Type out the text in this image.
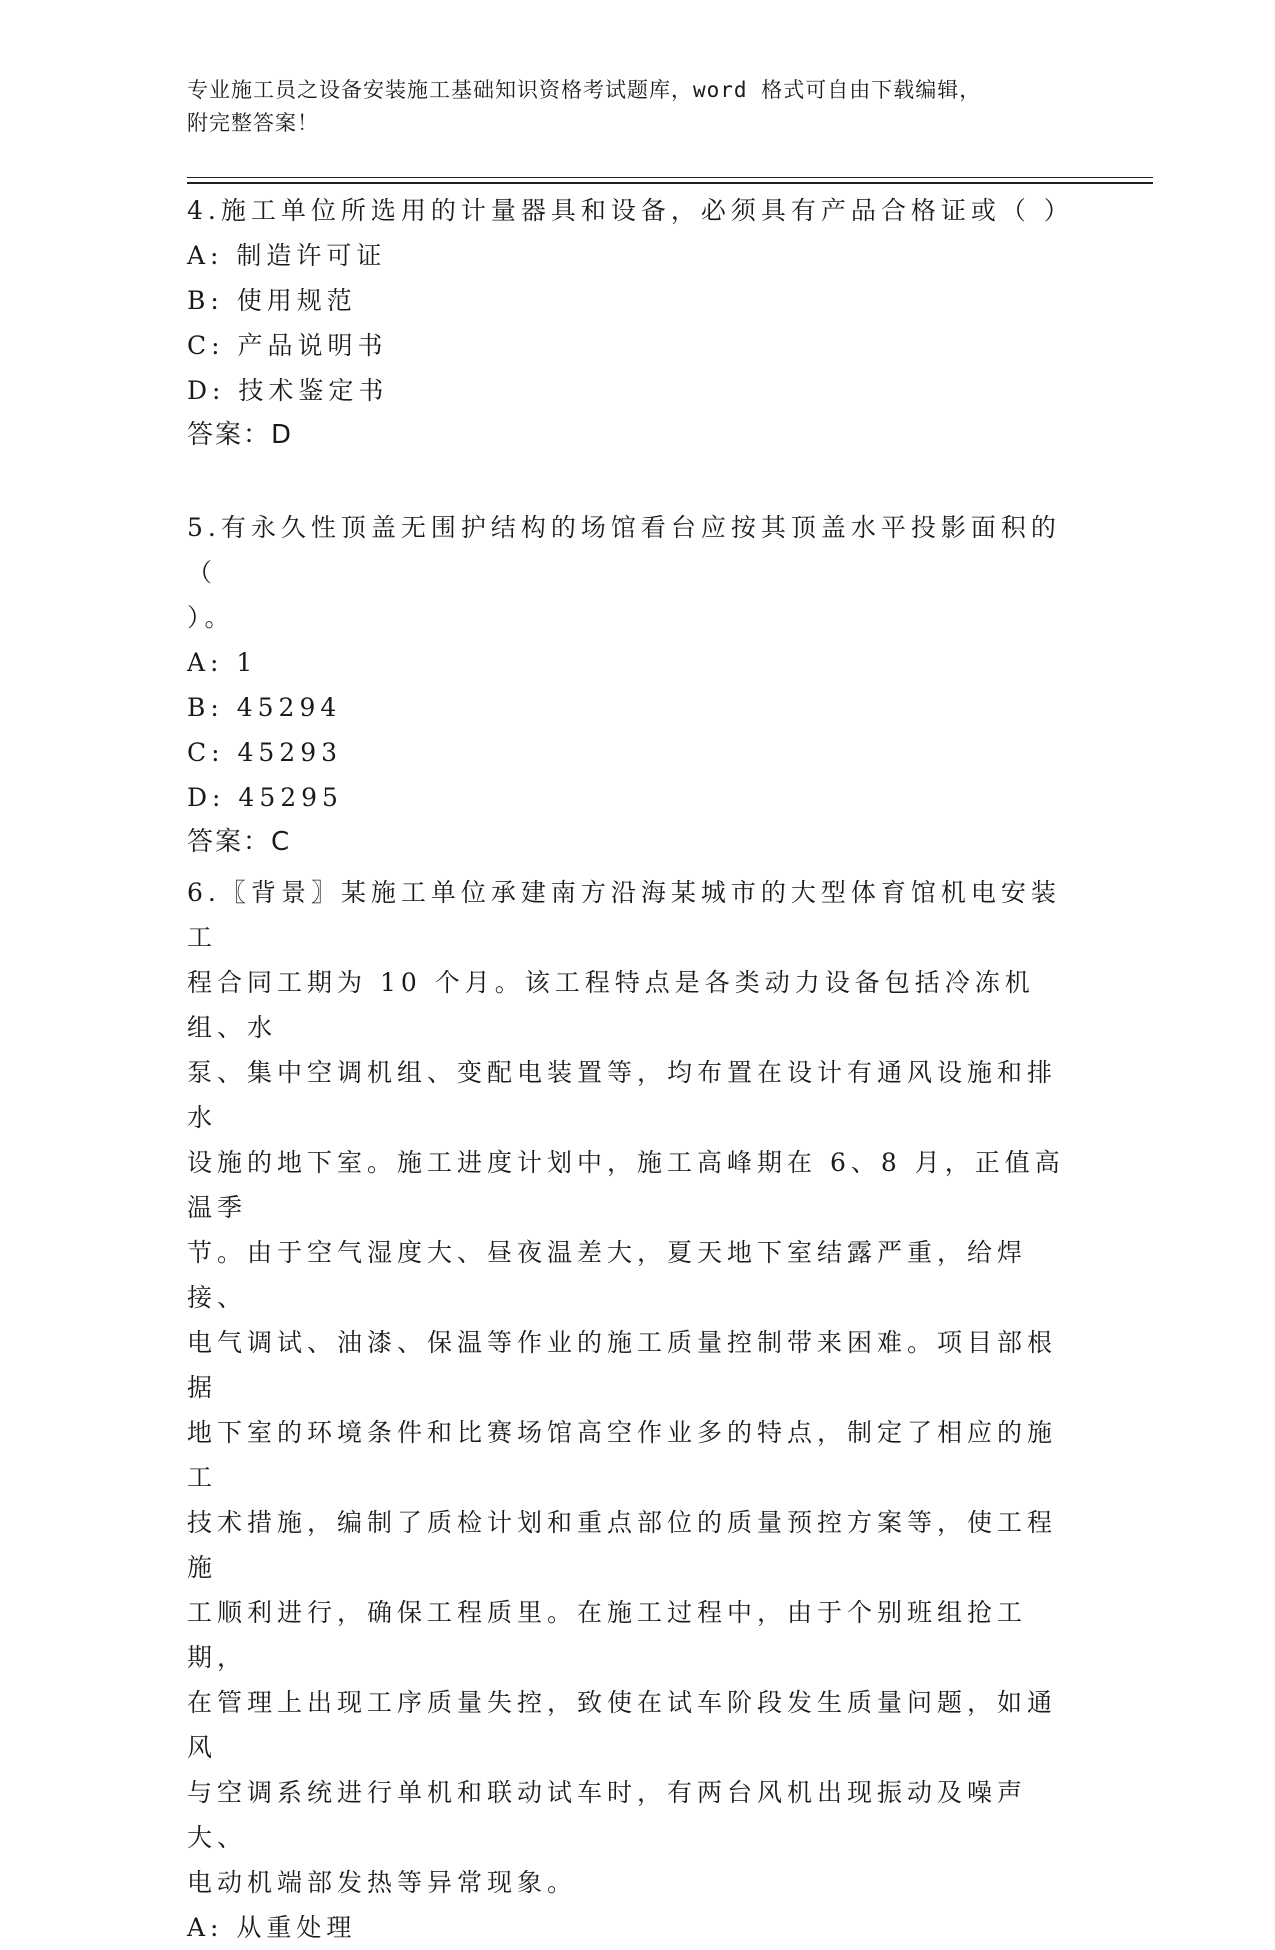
专业施工员之设备安装施工基础知识资格考试题库，word 格式可自由下载编辑，
附完整答案！

4.施工单位所选用的计量器具和设备，必须具有产品合格证或（ ）

A: 制造许可证

B: 使用规范

C: 产品说明书

D: 技术鉴定书

答案：D

5.有永久性顶盖无围护结构的场馆看台应按其顶盖水平投影面积的（

）。

A: 1

B: 45294

C: 45293

D: 45295

答案：C

6.〖背景〗某施工单位承建南方沿海某城市的大型体育馆机电安装工

程合同工期为 10 个月。该工程特点是各类动力设备包括冷冻机组、水

泵、集中空调机组、变配电装置等，均布置在设计有通风设施和排水

设施的地下室。施工进度计划中，施工高峰期在 6、8 月，正值高温季

节。由于空气湿度大、昼夜温差大，夏天地下室结露严重，给焊接、

电气调试、油漆、保温等作业的施工质量控制带来困难。项目部根据

地下室的环境条件和比赛场馆高空作业多的特点，制定了相应的施工

技术措施，编制了质检计划和重点部位的质量预控方案等，使工程施

工顺利进行，确保工程质里。在施工过程中，由于个别班组抢工期，

在管理上出现工序质量失控，致使在试车阶段发生质量问题，如通风

与空调系统进行单机和联动试车时，有两台风机出现振动及噪声大、

电动机端部发热等异常现象。

A: 从重处理
